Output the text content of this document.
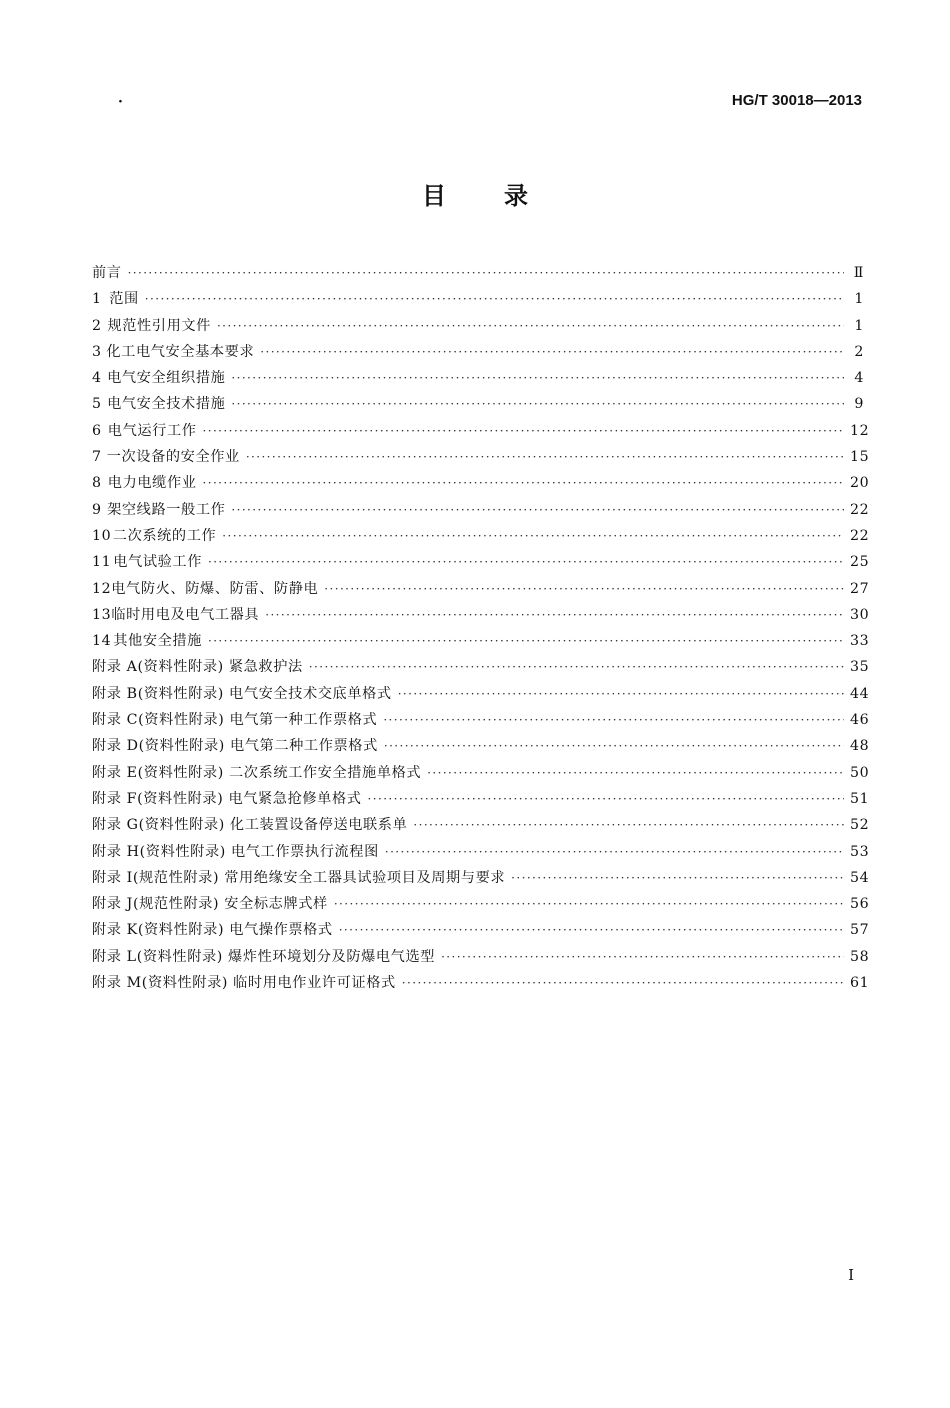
·	HG/T 30018—2013
目 录
前言 ·····	Ⅱ
1 范围 ·····	1
2 规范性引用文件 ·····	1
3 化工电气安全基本要求 ·····	2
4 电气安全组织措施 ·····	4
5 电气安全技术措施 ·····	9
6 电气运行工作 ·····	12
7 一次设备的安全作业 ·····	15
8 电力电缆作业 ·····	20
9 架空线路一般工作 ·····	22
10 二次系统的工作 ·····	22
11 电气试验工作 ·····	25
12 电气防火、防爆、防雷、防静电 ·····	27
13 临时用电及电气工器具 ·····	30
14 其他安全措施 ·····	33
附录 A(资料性附录) 紧急救护法 ·····	35
附录 B(资料性附录) 电气安全技术交底单格式 ·····	44
附录 C(资料性附录) 电气第一种工作票格式 ·····	46
附录 D(资料性附录) 电气第二种工作票格式 ·····	48
附录 E(资料性附录) 二次系统工作安全措施单格式 ·····	50
附录 F(资料性附录) 电气紧急抢修单格式 ·····	51
附录 G(资料性附录) 化工装置设备停送电联系单 ·····	52
附录 H(资料性附录) 电气工作票执行流程图 ·····	53
附录 I(规范性附录) 常用绝缘安全工器具试验项目及周期与要求 ·····	54
附录 J(规范性附录) 安全标志牌式样 ·····	56
附录 K(资料性附录) 电气操作票格式 ·····	57
附录 L(资料性附录) 爆炸性环境划分及防爆电气选型 ·····	58
附录 M(资料性附录) 临时用电作业许可证格式 ·····	61
I
